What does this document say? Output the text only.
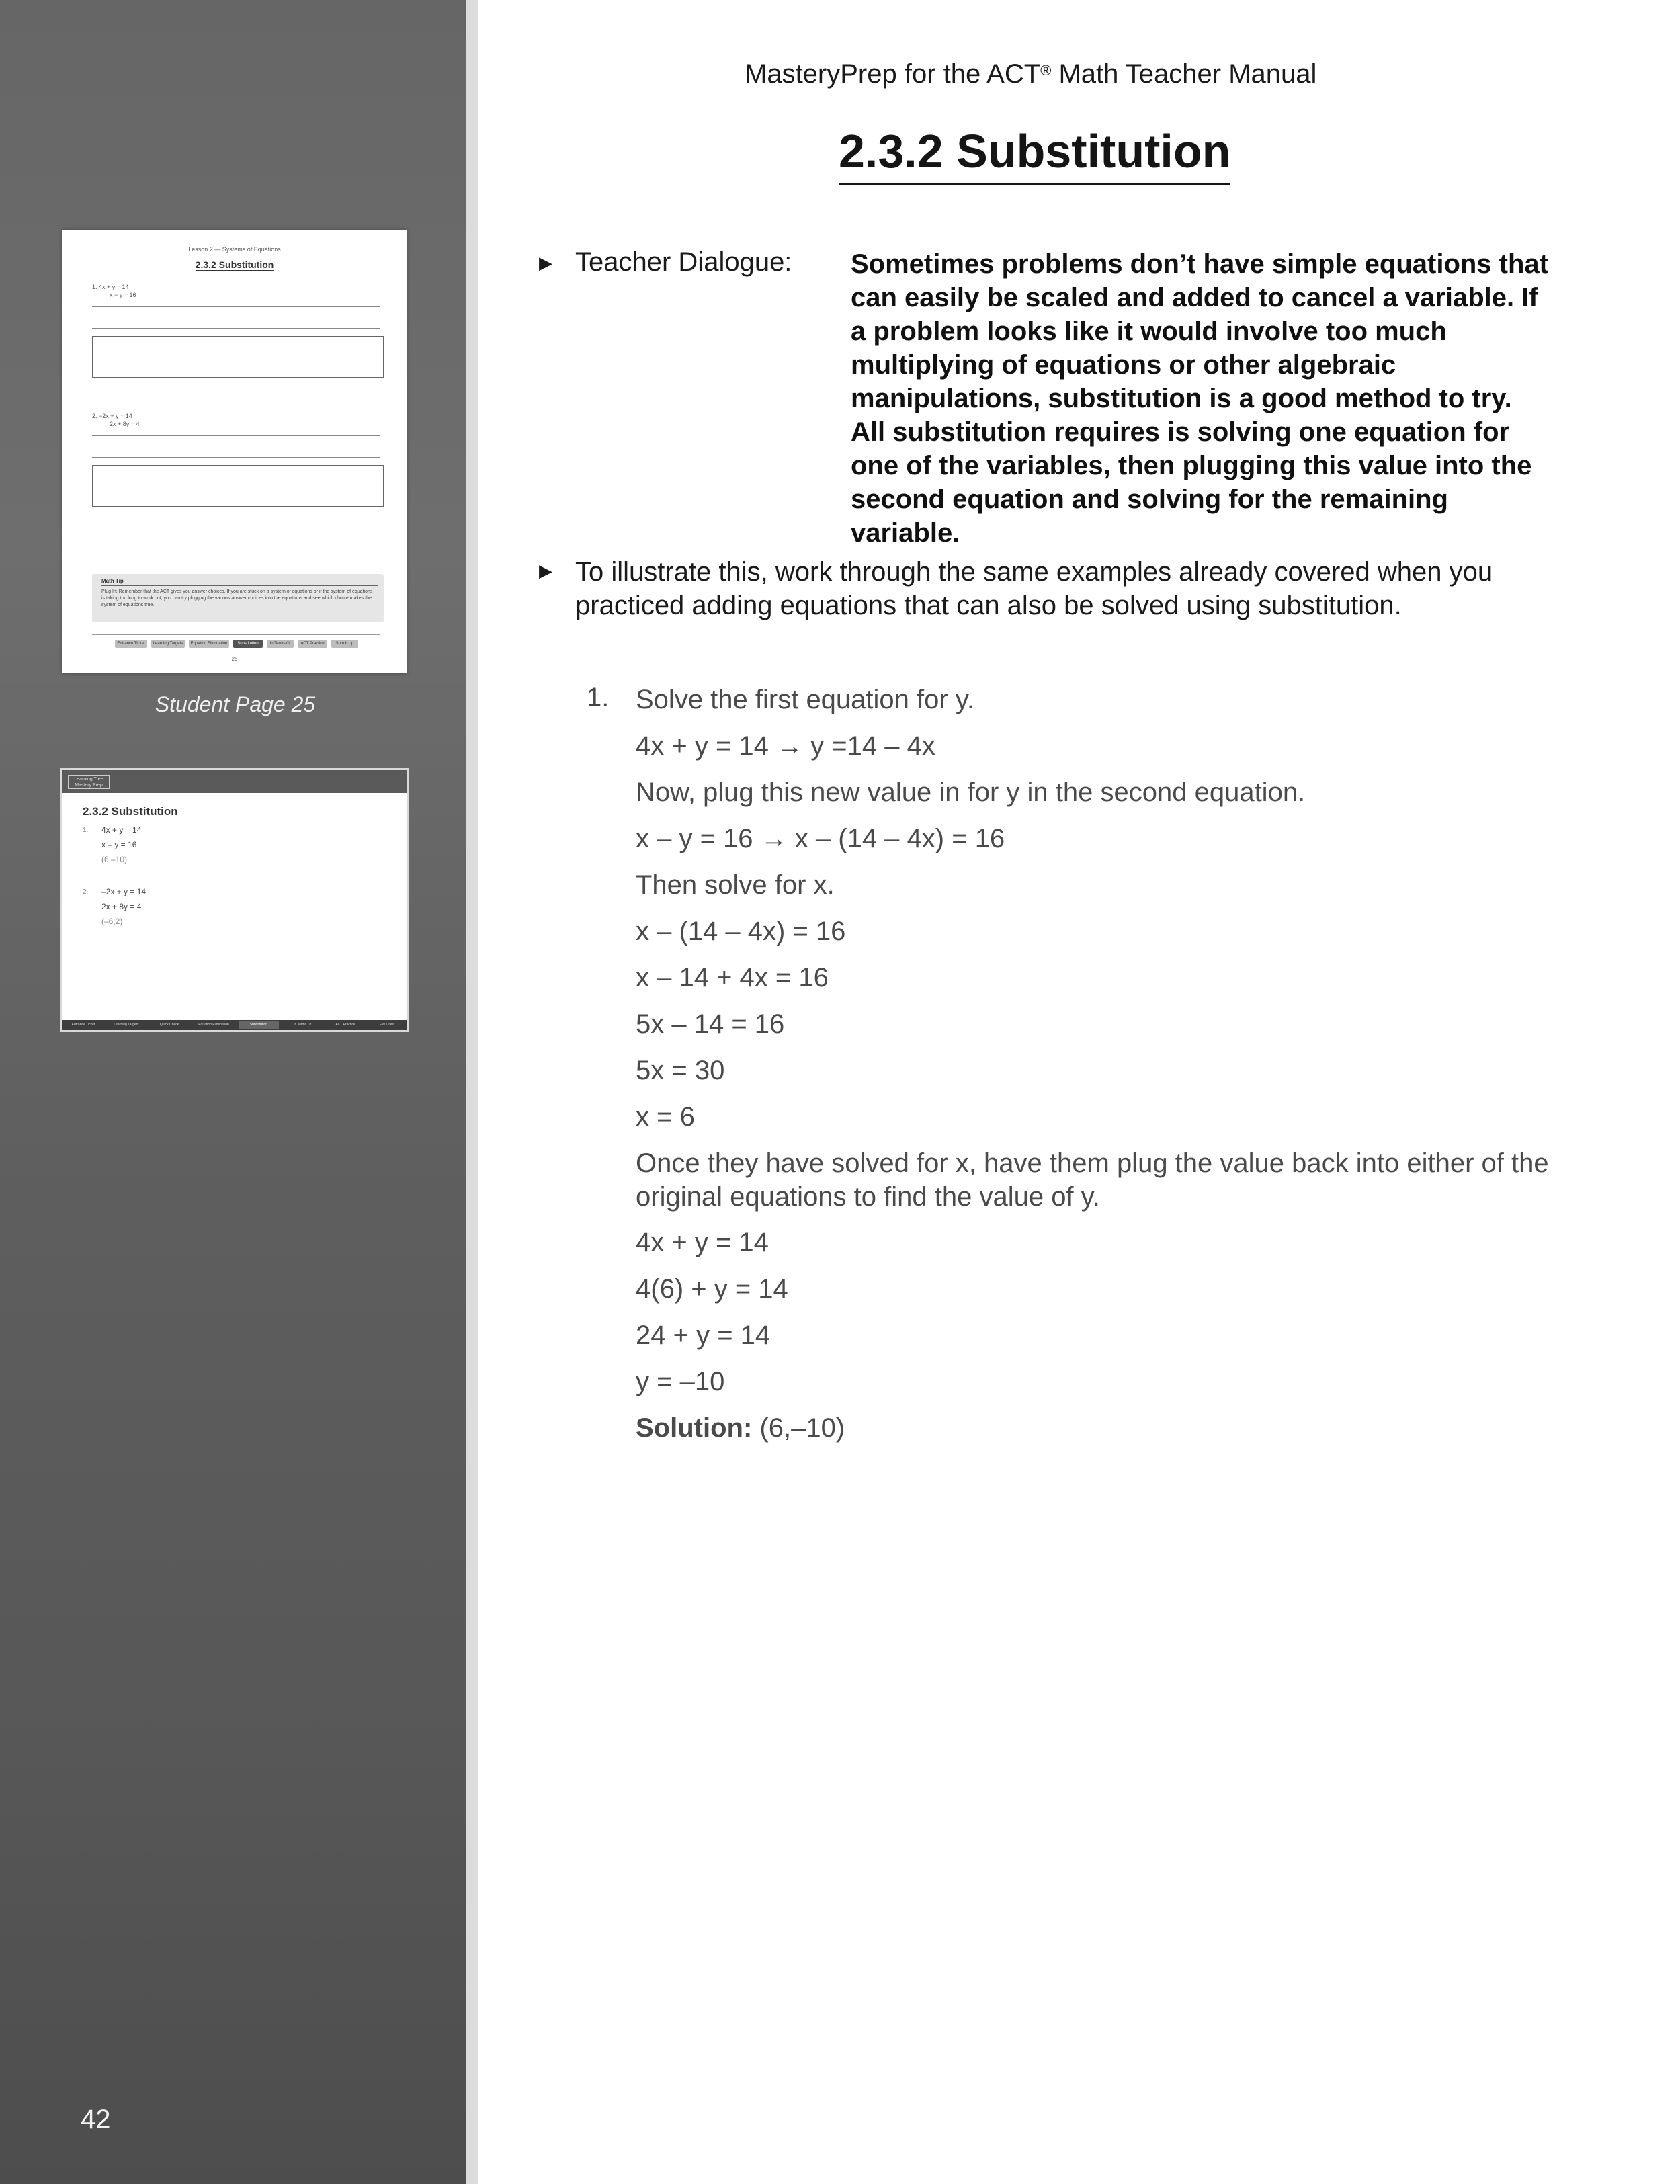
Lesson 2 — Systems of Equations
2.3.2 Substitution
1. 4x + y = 14
x − y = 16
2. −2x + y = 14
2x + 8y = 4
Math Tip
Plug In: Remember that the ACT gives you answer choices. If you are stuck on a system of equations or if the system of equations is taking too long to work out, you can try plugging the various answer choices into the equations and see which choice makes the system of equations true.
Entrance Ticket	Learning Targets	Equation Elimination	Substitution	In Terms Of	ACT Practice	Sum It Up
25
Student Page 25
Learning Tree Mastery Prep
2.3.2 Substitution
1. 4x + y = 14
x – y = 16
(6,–10)
2. –2x + y = 14
2x + 8y = 4
(–6,2)
Entrance Ticket	Learning Targets	Quick Check	Equation Elimination	Substitution	In Terms Of	ACT Practice	Exit Ticket
42
MasteryPrep for the ACT® Math Teacher Manual
2.3.2 Substitution
▶ Teacher Dialogue: Sometimes problems don’t have simple equations that can easily be scaled and added to cancel a variable. If a problem looks like it would involve too much multiplying of equations or other algebraic manipulations, substitution is a good method to try. All substitution requires is solving one equation for one of the variables, then plugging this value into the second equation and solving for the remaining variable.
▶ To illustrate this, work through the same examples already covered when you practiced adding equations that can also be solved using substitution.
1. Solve the first equation for y.
4x + y = 14 → y =14 – 4x
Now, plug this new value in for y in the second equation.
x – y = 16 → x – (14 – 4x) = 16
Then solve for x.
x – (14 – 4x) = 16
x – 14 + 4x = 16
5x – 14 = 16
5x = 30
x = 6
Once they have solved for x, have them plug the value back into either of the original equations to find the value of y.
4x + y = 14
4(6) + y = 14
24 + y = 14
y = –10
Solution: (6,–10)
